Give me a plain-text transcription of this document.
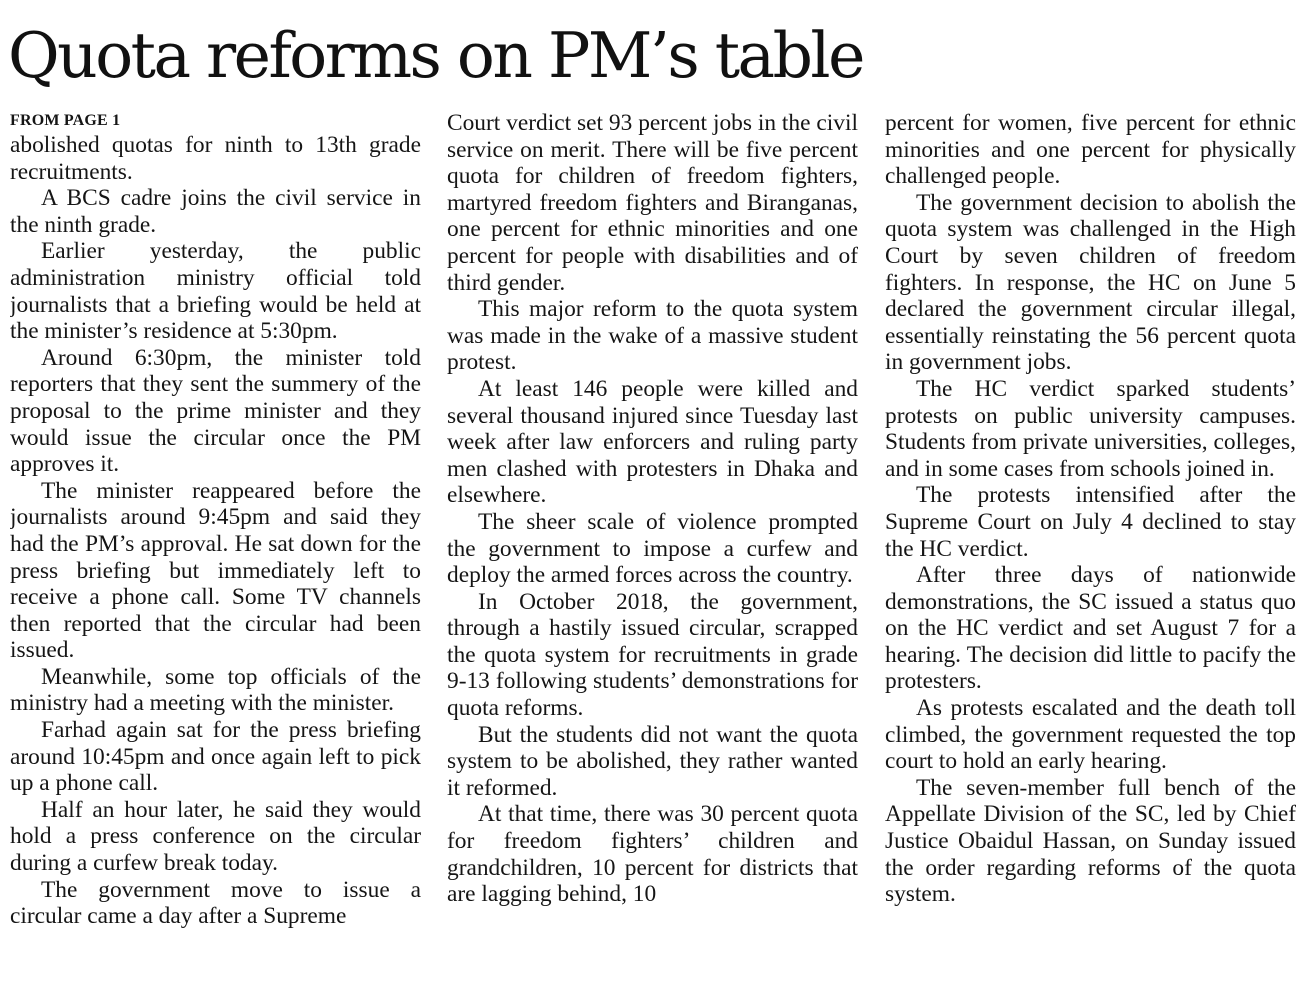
Quota reforms on PM’s table
FROM PAGE 1

abolished quotas for ninth to 13th grade recruitments.

A BCS cadre joins the civil service in the ninth grade.

Earlier yesterday, the public administration ministry official told journalists that a briefing would be held at the minister’s residence at 5:30pm.

Around 6:30pm, the minister told reporters that they sent the summery of the proposal to the prime minister and they would issue the circular once the PM approves it.

The minister reappeared before the journalists around 9:45pm and said they had the PM’s approval. He sat down for the press briefing but immediately left to receive a phone call. Some TV channels then reported that the circular had been issued.

Meanwhile, some top officials of the ministry had a meeting with the minister.

Farhad again sat for the press briefing around 10:45pm and once again left to pick up a phone call.

Half an hour later, he said they would hold a press conference on the circular during a curfew break today.

The government move to issue a circular came a day after a Supreme

Court verdict set 93 percent jobs in the civil service on merit. There will be five percent quota for children of freedom fighters, martyred freedom fighters and Biranganas, one percent for ethnic minorities and one percent for people with disabilities and of third gender.

This major reform to the quota system was made in the wake of a massive student protest.

At least 146 people were killed and several thousand injured since Tuesday last week after law enforcers and ruling party men clashed with protesters in Dhaka and elsewhere.

The sheer scale of violence prompted the government to impose a curfew and deploy the armed forces across the country.

In October 2018, the government, through a hastily issued circular, scrapped the quota system for recruitments in grade 9-13 following students’ demonstrations for quota reforms.

But the students did not want the quota system to be abolished, they rather wanted it reformed.

At that time, there was 30 percent quota for freedom fighters’ children and grandchildren, 10 percent for districts that are lagging behind, 10

percent for women, five percent for ethnic minorities and one percent for physically challenged people.

The government decision to abolish the quota system was challenged in the High Court by seven children of freedom fighters. In response, the HC on June 5 declared the government circular illegal, essentially reinstating the 56 percent quota in government jobs.

The HC verdict sparked students’ protests on public university campuses. Students from private universities, colleges, and in some cases from schools joined in.

The protests intensified after the Supreme Court on July 4 declined to stay the HC verdict.

After three days of nationwide demonstrations, the SC issued a status quo on the HC verdict and set August 7 for a hearing. The decision did little to pacify the protesters.

As protests escalated and the death toll climbed, the government requested the top court to hold an early hearing.

The seven-member full bench of the Appellate Division of the SC, led by Chief Justice Obaidul Hassan, on Sunday issued the order regarding reforms of the quota system.
